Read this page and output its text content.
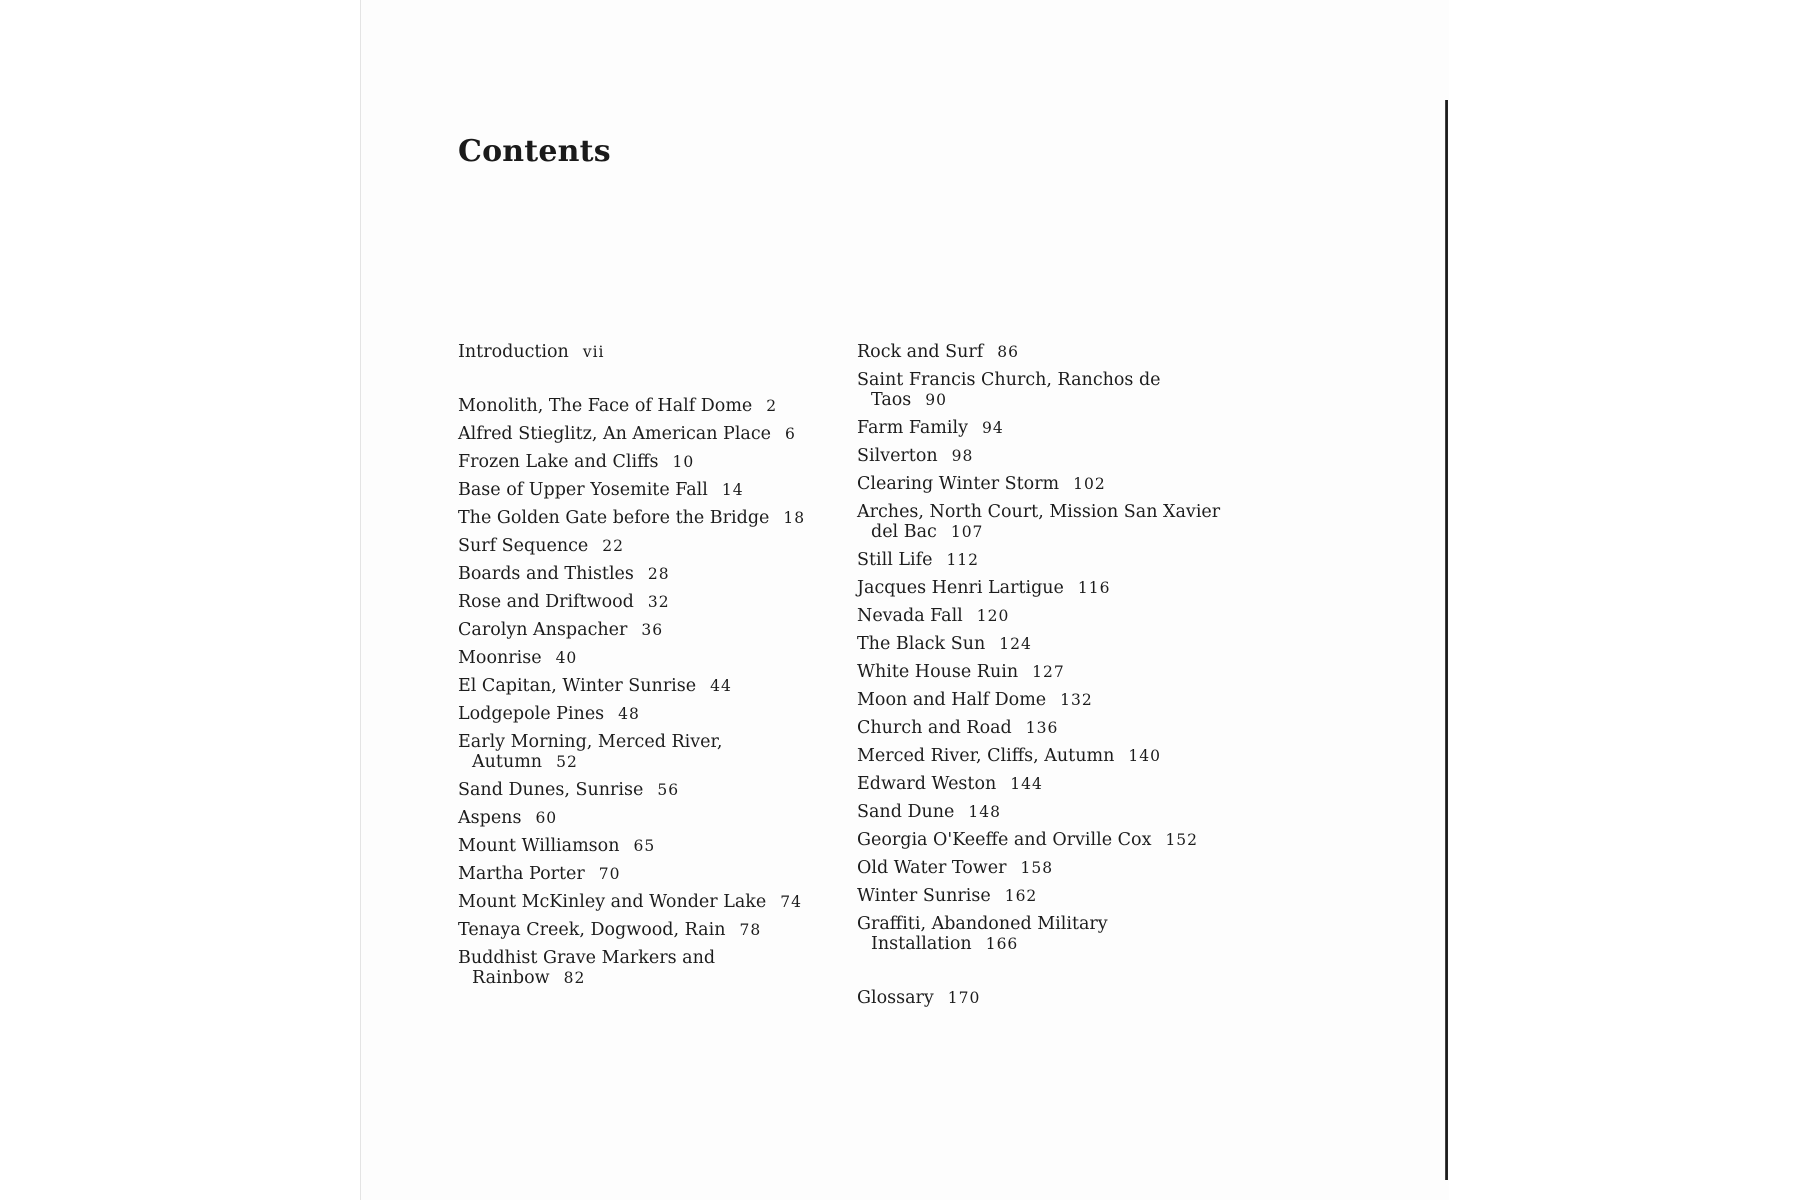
Contents
Introduction vii
Monolith, The Face of Half Dome 2
Alfred Stieglitz, An American Place 6
Frozen Lake and Cliffs 10
Base of Upper Yosemite Fall 14
The Golden Gate before the Bridge 18
Surf Sequence 22
Boards and Thistles 28
Rose and Driftwood 32
Carolyn Anspacher 36
Moonrise 40
El Capitan, Winter Sunrise 44
Lodgepole Pines 48
Early Morning, Merced River, Autumn 52
Sand Dunes, Sunrise 56
Aspens 60
Mount Williamson 65
Martha Porter 70
Mount McKinley and Wonder Lake 74
Tenaya Creek, Dogwood, Rain 78
Buddhist Grave Markers and Rainbow 82
Rock and Surf 86
Saint Francis Church, Ranchos de Taos 90
Farm Family 94
Silverton 98
Clearing Winter Storm 102
Arches, North Court, Mission San Xavier del Bac 107
Still Life 112
Jacques Henri Lartigue 116
Nevada Fall 120
The Black Sun 124
White House Ruin 127
Moon and Half Dome 132
Church and Road 136
Merced River, Cliffs, Autumn 140
Edward Weston 144
Sand Dune 148
Georgia O'Keeffe and Orville Cox 152
Old Water Tower 158
Winter Sunrise 162
Graffiti, Abandoned Military Installation 166
Glossary 170
